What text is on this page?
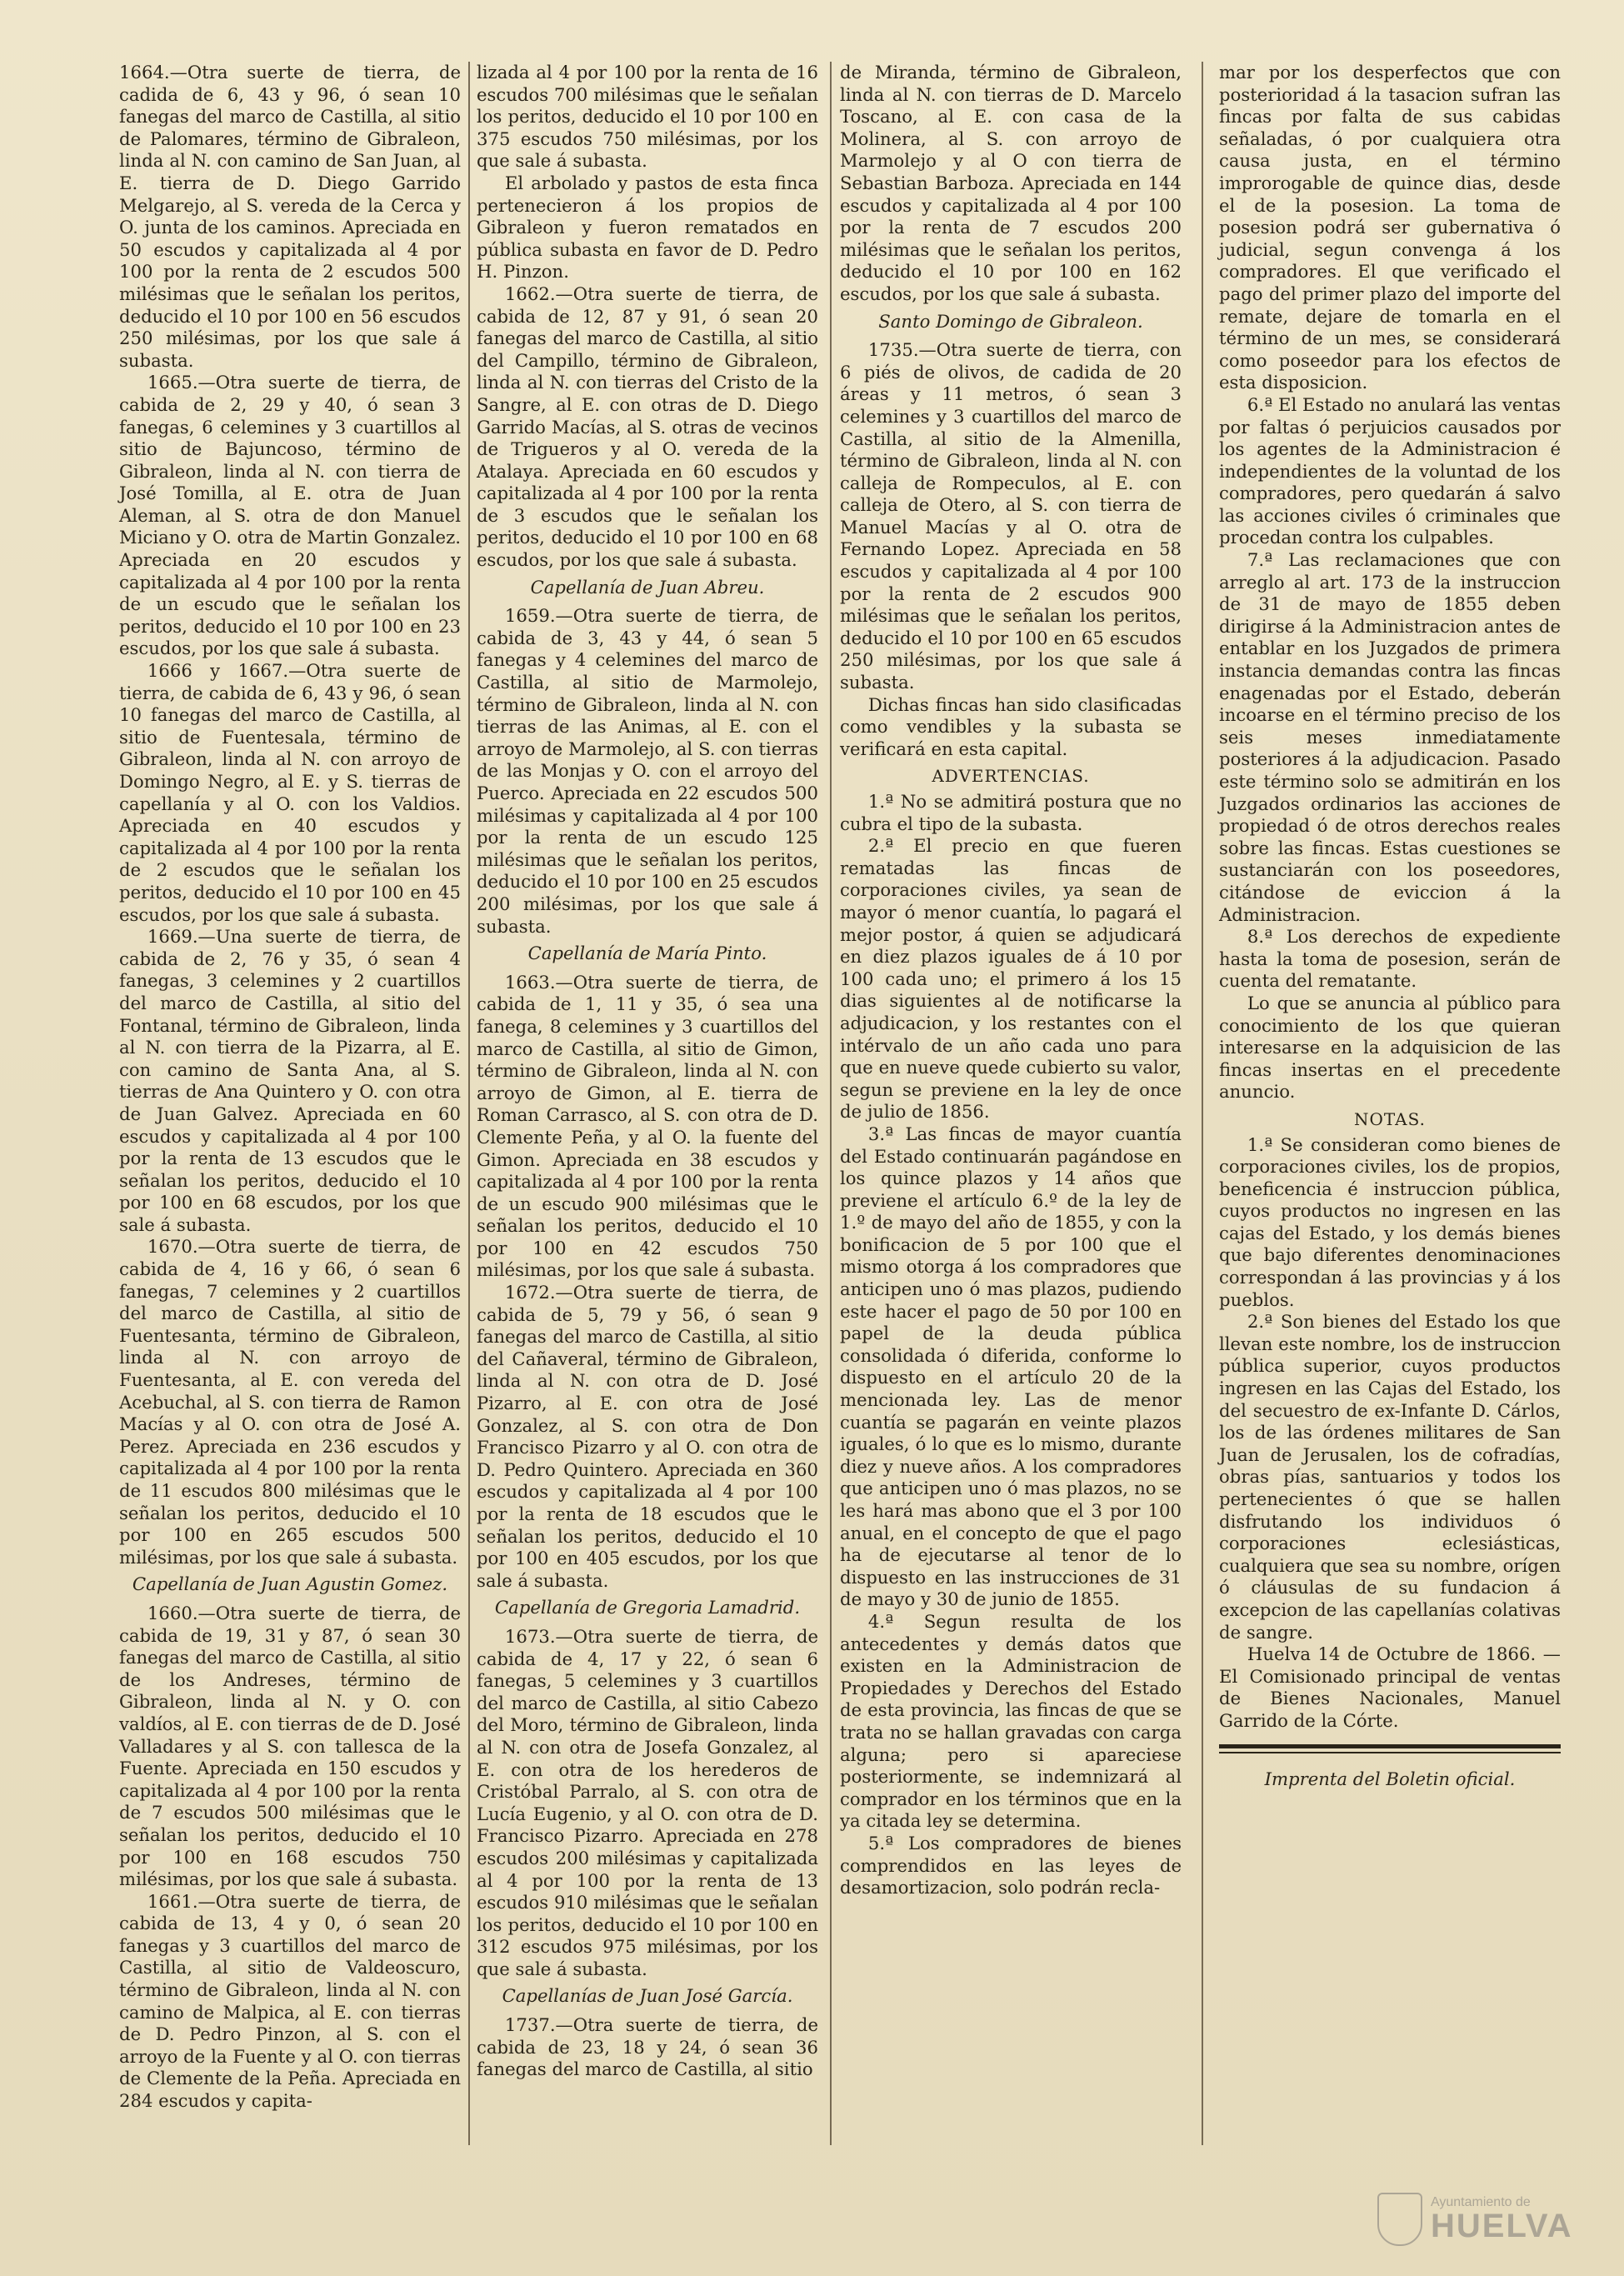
1664.—Otra suerte de tierra, de cadida de 6, 43 y 96, ó sean 10 fanegas del marco de Castilla, al sitio de Palomares, término de Gibraleon, linda al N. con camino de San Juan, al E. tierra de D. Diego Garrido Melgarejo, al S. vereda de la Cerca y O. junta de los caminos. Apreciada en 50 escudos y capitalizada al 4 por 100 por la renta de 2 escudos 500 milésimas que le señalan los peritos, deducido el 10 por 100 en 56 escudos 250 milésimas, por los que sale á subasta.

1665.—Otra suerte de tierra, de cabida de 2, 29 y 40, ó sean 3 fanegas, 6 celemines y 3 cuartillos al sitio de Bajuncoso, término de Gibraleon, linda al N. con tierra de José Tomilla, al E. otra de Juan Aleman, al S. otra de don Manuel Miciano y O. otra de Martin Gonzalez. Apreciada en 20 escudos y capitalizada al 4 por 100 por la renta de un escudo que le señalan los peritos, deducido el 10 por 100 en 23 escudos, por los que sale á subasta.

1666 y 1667.—Otra suerte de tierra, de cabida de 6, 43 y 96, ó sean 10 fanegas del marco de Castilla, al sitio de Fuentesala, término de Gibraleon, linda al N. con arroyo de Domingo Negro, al E. y S. tierras de capellanía y al O. con los Valdios. Apreciada en 40 escudos y capitalizada al 4 por 100 por la renta de 2 escudos que le señalan los peritos, deducido el 10 por 100 en 45 escudos, por los que sale á subasta.

1669.—Una suerte de tierra, de cabida de 2, 76 y 35, ó sean 4 fanegas, 3 celemines y 2 cuartillos del marco de Castilla, al sitio del Fontanal, término de Gibraleon, linda al N. con tierra de la Pizarra, al E. con camino de Santa Ana, al S. tierras de Ana Quintero y O. con otra de Juan Galvez. Apreciada en 60 escudos y capitalizada al 4 por 100 por la renta de 13 escudos que le señalan los peritos, deducido el 10 por 100 en 68 escudos, por los que sale á subasta.

1670.—Otra suerte de tierra, de cabida de 4, 16 y 66, ó sean 6 fanegas, 7 celemines y 2 cuartillos del marco de Castilla, al sitio de Fuentesanta, término de Gibraleon, linda al N. con arroyo de Fuentesanta, al E. con vereda del Acebuchal, al S. con tierra de Ramon Macías y al O. con otra de José A. Perez. Apreciada en 236 escudos y capitalizada al 4 por 100 por la renta de 11 escudos 800 milésimas que le señalan los peritos, deducido el 10 por 100 en 265 escudos 500 milésimas, por los que sale á subasta.

Capellanía de Juan Agustin Gomez.

1660.—Otra suerte de tierra, de cabida de 19, 31 y 87, ó sean 30 fanegas del marco de Castilla, al sitio de los Andreses, término de Gibraleon, linda al N. y O. con valdíos, al E. con tierras de de D. José Valladares y al S. con tallesca de la Fuente. Apreciada en 150 escudos y capitalizada al 4 por 100 por la renta de 7 escudos 500 milésimas que le señalan los peritos, deducido el 10 por 100 en 168 escudos 750 milésimas, por los que sale á subasta.

1661.—Otra suerte de tierra, de cabida de 13, 4 y 0, ó sean 20 fanegas y 3 cuartillos del marco de Castilla, al sitio de Valdeoscuro, término de Gibraleon, linda al N. con camino de Malpica, al E. con tierras de D. Pedro Pinzon, al S. con el arroyo de la Fuente y al O. con tierras de Clemente de la Peña. Apreciada en 284 escudos y capita-

lizada al 4 por 100 por la renta de 16 escudos 700 milésimas que le señalan los peritos, deducido el 10 por 100 en 375 escudos 750 milésimas, por los que sale á subasta.

El arbolado y pastos de esta finca pertenecieron á los propios de Gibraleon y fueron rematados en pública subasta en favor de D. Pedro H. Pinzon.

1662.—Otra suerte de tierra, de cabida de 12, 87 y 91, ó sean 20 fanegas del marco de Castilla, al sitio del Campillo, término de Gibraleon, linda al N. con tierras del Cristo de la Sangre, al E. con otras de D. Diego Garrido Macías, al S. otras de vecinos de Trigueros y al O. vereda de la Atalaya. Apreciada en 60 escudos y capitalizada al 4 por 100 por la renta de 3 escudos que le señalan los peritos, deducido el 10 por 100 en 68 escudos, por los que sale á subasta.

Capellanía de Juan Abreu.

1659.—Otra suerte de tierra, de cabida de 3, 43 y 44, ó sean 5 fanegas y 4 celemines del marco de Castilla, al sitio de Marmolejo, término de Gibraleon, linda al N. con tierras de las Animas, al E. con el arroyo de Marmolejo, al S. con tierras de las Monjas y O. con el arroyo del Puerco. Apreciada en 22 escudos 500 milésimas y capitalizada al 4 por 100 por la renta de un escudo 125 milésimas que le señalan los peritos, deducido el 10 por 100 en 25 escudos 200 milésimas, por los que sale á subasta.

Capellanía de María Pinto.

1663.—Otra suerte de tierra, de cabida de 1, 11 y 35, ó sea una fanega, 8 celemines y 3 cuartillos del marco de Castilla, al sitio de Gimon, término de Gibraleon, linda al N. con arroyo de Gimon, al E. tierra de Roman Carrasco, al S. con otra de D. Clemente Peña, y al O. la fuente del Gimon. Apreciada en 38 escudos y capitalizada al 4 por 100 por la renta de un escudo 900 milésimas que le señalan los peritos, deducido el 10 por 100 en 42 escudos 750 milésimas, por los que sale á subasta.

1672.—Otra suerte de tierra, de cabida de 5, 79 y 56, ó sean 9 fanegas del marco de Castilla, al sitio del Cañaveral, término de Gibraleon, linda al N. con otra de D. José Pizarro, al E. con otra de José Gonzalez, al S. con otra de Don Francisco Pizarro y al O. con otra de D. Pedro Quintero. Apreciada en 360 escudos y capitalizada al 4 por 100 por la renta de 18 escudos que le señalan los peritos, deducido el 10 por 100 en 405 escudos, por los que sale á subasta.

Capellanía de Gregoria Lamadrid.

1673.—Otra suerte de tierra, de cabida de 4, 17 y 22, ó sean 6 fanegas, 5 celemines y 3 cuartillos del marco de Castilla, al sitio Cabezo del Moro, término de Gibraleon, linda al N. con otra de Josefa Gonzalez, al E. con otra de los herederos de Cristóbal Parralo, al S. con otra de Lucía Eugenio, y al O. con otra de D. Francisco Pizarro. Apreciada en 278 escudos 200 milésimas y capitalizada al 4 por 100 por la renta de 13 escudos 910 milésimas que le señalan los peritos, deducido el 10 por 100 en 312 escudos 975 milésimas, por los que sale á subasta.

Capellanías de Juan José García.

1737.—Otra suerte de tierra, de cabida de 23, 18 y 24, ó sean 36 fanegas del marco de Castilla, al sitio

de Miranda, término de Gibraleon, linda al N. con tierras de D. Marcelo Toscano, al E. con casa de la Molinera, al S. con arroyo de Marmolejo y al O con tierra de Sebastian Barboza. Apreciada en 144 escudos y capitalizada al 4 por 100 por la renta de 7 escudos 200 milésimas que le señalan los peritos, deducido el 10 por 100 en 162 escudos, por los que sale á subasta.

Santo Domingo de Gibraleon.

1735.—Otra suerte de tierra, con 6 piés de olivos, de cadida de 20 áreas y 11 metros, ó sean 3 celemines y 3 cuartillos del marco de Castilla, al sitio de la Almenilla, término de Gibraleon, linda al N. con calleja de Rompeculos, al E. con calleja de Otero, al S. con tierra de Manuel Macías y al O. otra de Fernando Lopez. Apreciada en 58 escudos y capitalizada al 4 por 100 por la renta de 2 escudos 900 milésimas que le señalan los peritos, deducido el 10 por 100 en 65 escudos 250 milésimas, por los que sale á subasta.

Dichas fincas han sido clasificadas como vendibles y la subasta se verificará en esta capital.

ADVERTENCIAS.

1.ª No se admitirá postura que no cubra el tipo de la subasta.

2.ª El precio en que fueren rematadas las fincas de corporaciones civiles, ya sean de mayor ó menor cuantía, lo pagará el mejor postor, á quien se adjudicará en diez plazos iguales de á 10 por 100 cada uno; el primero á los 15 dias siguientes al de notificarse la adjudicacion, y los restantes con el intérvalo de un año cada uno para que en nueve quede cubierto su valor, segun se previene en la ley de once de julio de 1856.

3.ª Las fincas de mayor cuantía del Estado continuarán pagándose en los quince plazos y 14 años que previene el artículo 6.º de la ley de 1.º de mayo del año de 1855, y con la bonificacion de 5 por 100 que el mismo otorga á los compradores que anticipen uno ó mas plazos, pudiendo este hacer el pago de 50 por 100 en papel de la deuda pública consolidada ó diferida, conforme lo dispuesto en el artículo 20 de la mencionada ley. Las de menor cuantía se pagarán en veinte plazos iguales, ó lo que es lo mismo, durante diez y nueve años. A los compradores que anticipen uno ó mas plazos, no se les hará mas abono que el 3 por 100 anual, en el concepto de que el pago ha de ejecutarse al tenor de lo dispuesto en las instrucciones de 31 de mayo y 30 de junio de 1855.

4.ª Segun resulta de los antecedentes y demás datos que existen en la Administracion de Propiedades y Derechos del Estado de esta provincia, las fincas de que se trata no se hallan gravadas con carga alguna; pero si apareciese posteriormente, se indemnizará al comprador en los términos que en la ya citada ley se determina.

5.ª Los compradores de bienes comprendidos en las leyes de desamortizacion, solo podrán recla-

mar por los desperfectos que con posterioridad á la tasacion sufran las fincas por falta de sus cabidas señaladas, ó por cualquiera otra causa justa, en el término improrogable de quince dias, desde el de la posesion. La toma de posesion podrá ser gubernativa ó judicial, segun convenga á los compradores. El que verificado el pago del primer plazo del importe del remate, dejare de tomarla en el término de un mes, se considerará como poseedor para los efectos de esta disposicion.

6.ª El Estado no anulará las ventas por faltas ó perjuicios causados por los agentes de la Administracion é independientes de la voluntad de los compradores, pero quedarán á salvo las acciones civiles ó criminales que procedan contra los culpables.

7.ª Las reclamaciones que con arreglo al art. 173 de la instruccion de 31 de mayo de 1855 deben dirigirse á la Administracion antes de entablar en los Juzgados de primera instancia demandas contra las fincas enagenadas por el Estado, deberán incoarse en el término preciso de los seis meses inmediatamente posteriores á la adjudicacion. Pasado este término solo se admitirán en los Juzgados ordinarios las acciones de propiedad ó de otros derechos reales sobre las fincas. Estas cuestiones se sustanciarán con los poseedores, citándose de eviccion á la Administracion.

8.ª Los derechos de expediente hasta la toma de posesion, serán de cuenta del rematante.

Lo que se anuncia al público para conocimiento de los que quieran interesarse en la adquisicion de las fincas insertas en el precedente anuncio.

NOTAS.

1.ª Se consideran como bienes de corporaciones civiles, los de propios, beneficencia é instruccion pública, cuyos productos no ingresen en las cajas del Estado, y los demás bienes que bajo diferentes denominaciones correspondan á las provincias y á los pueblos.

2.ª Son bienes del Estado los que llevan este nombre, los de instruccion pública superior, cuyos productos ingresen en las Cajas del Estado, los del secuestro de ex-Infante D. Cárlos, los de las órdenes militares de San Juan de Jerusalen, los de cofradías, obras pías, santuarios y todos los pertenecientes ó que se hallen disfrutando los individuos ó corporaciones eclesiásticas, cualquiera que sea su nombre, orígen ó cláusulas de su fundacion á excepcion de las capellanías colativas de sangre.

Huelva 14 de Octubre de 1866. —El Comisionado principal de ventas de Bienes Nacionales, Manuel Garrido de la Córte.

Imprenta del Boletin oficial.

Ayuntamiento de
HUELVA
